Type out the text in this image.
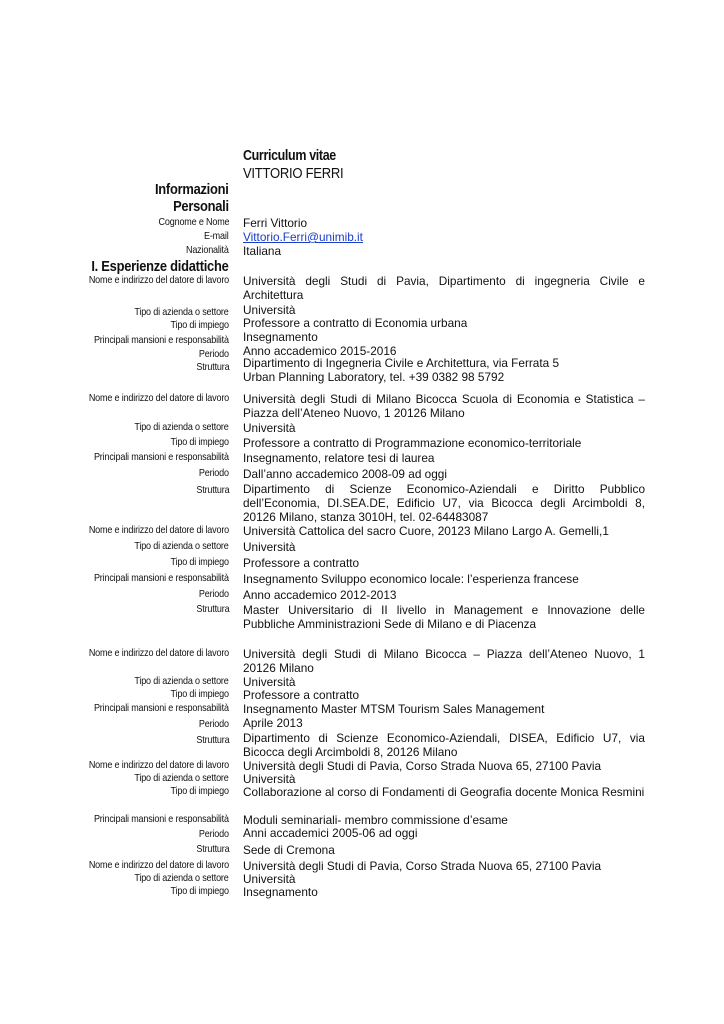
Curriculum vitae
VITTORIO FERRI
Informazioni
Personali
Cognome e Nome Ferri Vittorio
E-mail Vittorio.Ferri@unimib.it
Nazionalità Italiana
I. Esperienze didattiche
Nome e indirizzo del datore di lavoro Università degli Studi di Pavia, Dipartimento di ingegneria Civile e Architettura
Tipo di azienda o settore Università
Tipo di impiego Professore a contratto di Economia urbana
Principali mansioni e responsabilità Insegnamento
Periodo Anno accademico 2015-2016
Struttura Dipartimento di Ingegneria Civile e Architettura, via Ferrata 5
Urban Planning Laboratory, tel. +39 0382 98 5792
Nome e indirizzo del datore di lavoro Università degli Studi di Milano Bicocca Scuola di Economia e Statistica – Piazza dell’Ateneo Nuovo, 1 20126 Milano
Tipo di azienda o settore Università
Tipo di impiego Professore a contratto di Programmazione economico-territoriale
Principali mansioni e responsabilità Insegnamento, relatore tesi di laurea
Periodo Dall’anno accademico 2008-09 ad oggi
Struttura Dipartimento di Scienze Economico-Aziendali e Diritto Pubblico dell’Economia, DI.SEA.DE, Edificio U7, via Bicocca degli Arcimboldi 8, 20126 Milano, stanza 3010H, tel. 02-64483087
Nome e indirizzo del datore di lavoro Università Cattolica del sacro Cuore, 20123 Milano Largo A. Gemelli,1
Tipo di azienda o settore Università
Tipo di impiego Professore a contratto
Principali mansioni e responsabilità Insegnamento Sviluppo economico locale: l’esperienza francese
Periodo Anno accademico 2012-2013
Struttura Master Universitario di II livello in Management e Innovazione delle Pubbliche Amministrazioni Sede di Milano e di Piacenza
Nome e indirizzo del datore di lavoro Università degli Studi di Milano Bicocca – Piazza dell’Ateneo Nuovo, 1 20126 Milano
Tipo di azienda o settore Università
Tipo di impiego Professore a contratto
Principali mansioni e responsabilità Insegnamento Master MTSM Tourism Sales Management
Periodo Aprile 2013
Struttura Dipartimento di Scienze Economico-Aziendali, DISEA, Edificio U7, via Bicocca degli Arcimboldi 8, 20126 Milano
Nome e indirizzo del datore di lavoro Università degli Studi di Pavia, Corso Strada Nuova 65, 27100 Pavia
Tipo di azienda o settore Università
Tipo di impiego Collaborazione al corso di Fondamenti di Geografia docente Monica Resmini
Principali mansioni e responsabilità Moduli seminariali- membro commissione d’esame
Periodo Anni accademici 2005-06 ad oggi
Struttura Sede di Cremona
Nome e indirizzo del datore di lavoro Università degli Studi di Pavia, Corso Strada Nuova 65, 27100 Pavia
Tipo di azienda o settore Università
Tipo di impiego Insegnamento
